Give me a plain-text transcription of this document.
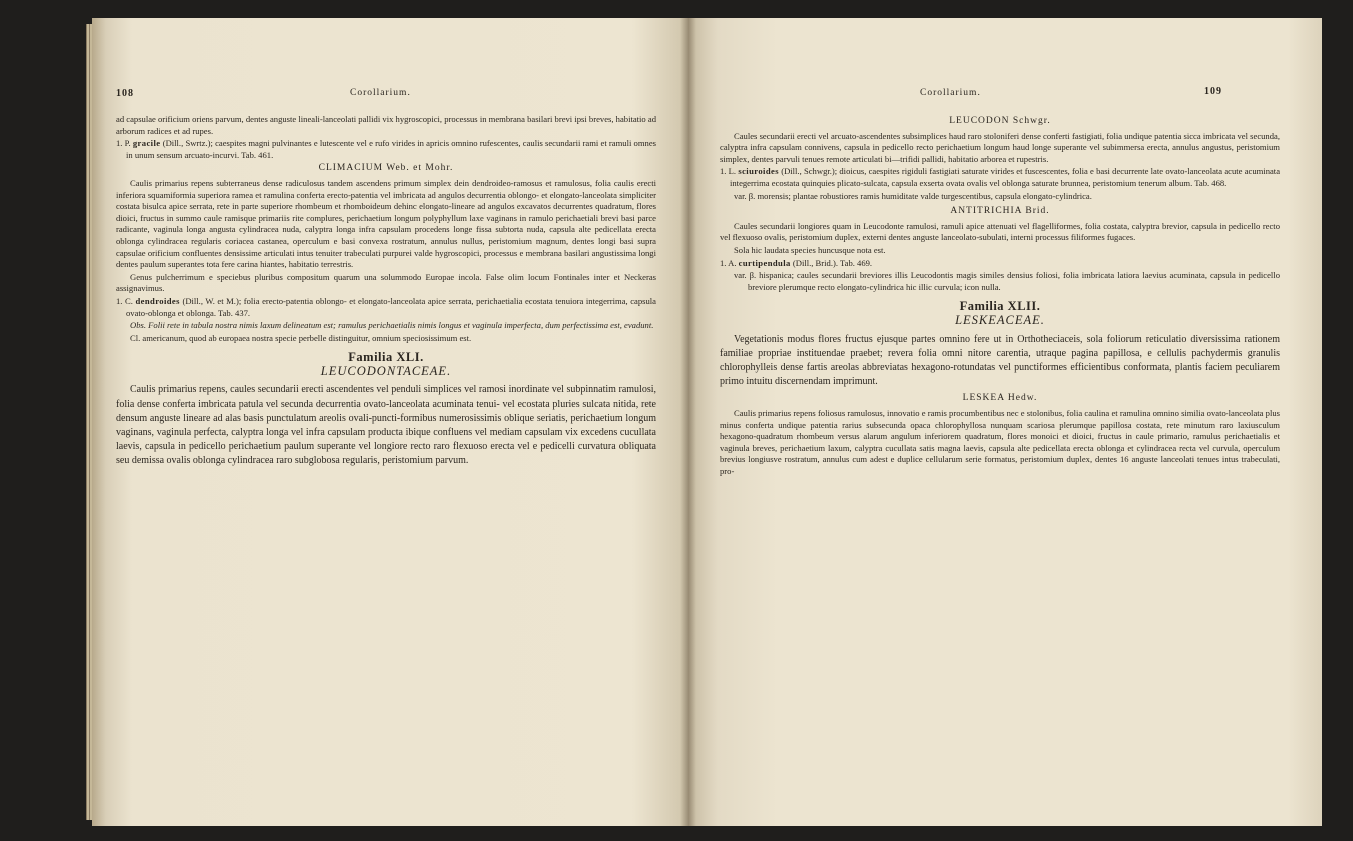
108	Corollarium.

ad capsulae orificium oriens parvum, dentes anguste lineali-lanceolati pallidi vix hygroscopici, processus in membrana basilari brevi ipsi breves, habitatio ad arborum radices et ad rupes.

1. P. gracile (Dill., Swrtz.); caespites magni pulvinantes e lutescente vel e rufo virides in apricis omnino rufescentes, caulis secundarii rami et ramuli omnes in unum sensum arcuato-incurvi. Tab. 461.

CLIMACIUM Web. et Mohr.

Caulis primarius repens subterraneus dense radiculosus tandem ascendens primum simplex dein dendroideo-ramosus et ramulosus, folia caulis erecti inferiora squamiformia superiora ramea et ramulina conferta erecto-patentia vel imbricata ad angulos decurrentia oblongo- et elongato-lanceolata simpliciter costata bisulca apice serrata, rete in parte superiore rhombeum et rhomboideum dehinc elongato-lineare ad angulos excavatos decurrentes quadratum, flores dioici, fructus in summo caule ramisque primariis rite complures, perichaetium longum polyphyllum laxe vaginans in ramulo perichaetiali brevi basi parce radicante, vaginula longa angusta cylindracea nuda, calyptra longa infra capsulam procedens longe fissa subtorta nuda, capsula alte pedicellata erecta oblonga cylindracea regularis coriacea castanea, operculum e basi convexa rostratum, annulus nullus, peristomium magnum, dentes longi basi supra capsulae orificium confluentes densissime articulati intus tenuiter trabeculati purpurei valde hygroscopici, processus e membrana basilari angustissima longi dentes paulum superantes tota fere carina hiantes, habitatio terrestris.

Genus pulcherrimum e speciebus pluribus compositum quarum una solummodo Europae incola. False olim locum Fontinales inter et Neckeras assignavimus.

1. C. dendroides (Dill., W. et M.); folia erecto-patentia oblongo- et elongato-lanceolata apice serrata, perichaetialia ecostata tenuiora integerrima, capsula ovato-oblonga et oblonga. Tab. 437.

Obs. Folii rete in tabula nostra nimis laxum delineatum est; ramulus perichaetialis nimis longus et vaginula imperfecta, dum perfectissima est, evadunt.

Cl. americanum, quod ab europaea nostra specie perbelle distinguitur, omnium speciosissimum est.

Familia XLI.
LEUCODONTACEAE.

Caulis primarius repens, caules secundarii erecti ascendentes vel penduli simplices vel ramosi inordinate vel subpinnatim ramulosi, folia dense conferta imbricata patula vel secunda decurrentia ovato-lanceolata acuminata tenui- vel ecostata pluries sulcata nitida, rete densum anguste lineare ad alas basis punctulatum areolis ovali-puncti-formibus numerosissimis oblique seriatis, perichaetium longum vaginans, vaginula perfecta, calyptra longa vel infra capsulam producta ibique confluens vel mediam capsulam vix excedens cucullata laevis, capsula in pedicello perichaetium paulum superante vel longiore recto raro flexuoso erecta vel e pedicelli curvatura obliquata seu demissa ovalis oblonga cylindracea raro subglobosa regularis, peristomium parvum.

Corollarium.	109
LEUCODON Schwgr.

Caules secundarii erecti vel arcuato-ascendentes subsimplices haud raro stoloniferi dense conferti fastigiati, folia undique patentia sicca imbricata vel secunda, calyptra infra capsulam connivens, capsula in pedicello recto perichaetium longum haud longe superante vel subimmersa erecta, annulus angustus, peristomium simplex, dentes parvuli tenues remote articulati bi—trifidi pallidi, habitatio arborea et rupestris.

1. L. sciuroides (Dill., Schwgr.); dioicus, caespites rigiduli fastigiati saturate virides et fuscescentes, folia e basi decurrente late ovato-lanceolata acute acuminata integerrima ecostata quinquies plicato-sulcata, capsula exserta ovata ovalis vel oblonga saturate brunnea, peristomium tenerum album. Tab. 468.

var. β. morensis; plantae robustiores ramis humiditate valde turgescentibus, capsula elongato-cylindrica.

ANTITRICHIA Brid.

Caules secundarii longiores quam in Leucodonte ramulosi, ramuli apice attenuati vel flagelliformes, folia costata, calyptra brevior, capsula in pedicello recto vel flexuoso ovalis, peristomium duplex, externi dentes anguste lanceolato-subulati, interni processus filiformes fugaces.

Sola hic laudata species huncusque nota est.

1. A. curtipendula (Dill., Brid.). Tab. 469.

var. β. hispanica; caules secundarii breviores illis Leucodontis magis similes densius foliosi, folia imbricata latiora laevius acuminata, capsula in pedicello breviore plerumque recto elongato-cylindrica hic illic curvula; icon nulla.

Familia XLII.
LESKEACEAE.

Vegetationis modus flores fructus ejusque partes omnino fere ut in Orthotheciaceis, sola foliorum reticulatio diversissima rationem familiae propriae instituendae praebet; revera folia omni nitore carentia, utraque pagina papillosa, e cellulis pachydermis granulis chlorophylleis dense fartis areolas abbreviatas hexagono-rotundatas vel punctiformes efficientibus conformata, plantis faciem peculiarem primo intuitu discernendam imprimunt.

LESKEA Hedw.

Caulis primarius repens foliosus ramulosus, innovatio e ramis procumbentibus nec e stolonibus, folia caulina et ramulina omnino similia ovato-lanceolata plus minus conferta undique patentia rarius subsecunda opaca chlorophyllosa nunquam scariosa plerumque papillosa costata, rete minutum raro laxiusculum hexagono-quadratum rhombeum versus alarum angulum inferiorem quadratum, flores monoici et dioici, fructus in caule primario, ramulus perichaetialis et vaginula breves, perichaetium laxum, calyptra cucullata satis magna laevis, capsula alte pedicellata erecta oblonga et cylindracea recta vel curvula, operculum brevius longiusve rostratum, annulus cum adest e duplice cellularum serie formatus, peristomium duplex, dentes 16 anguste lanceolati tenues intus trabeculati, pro-
